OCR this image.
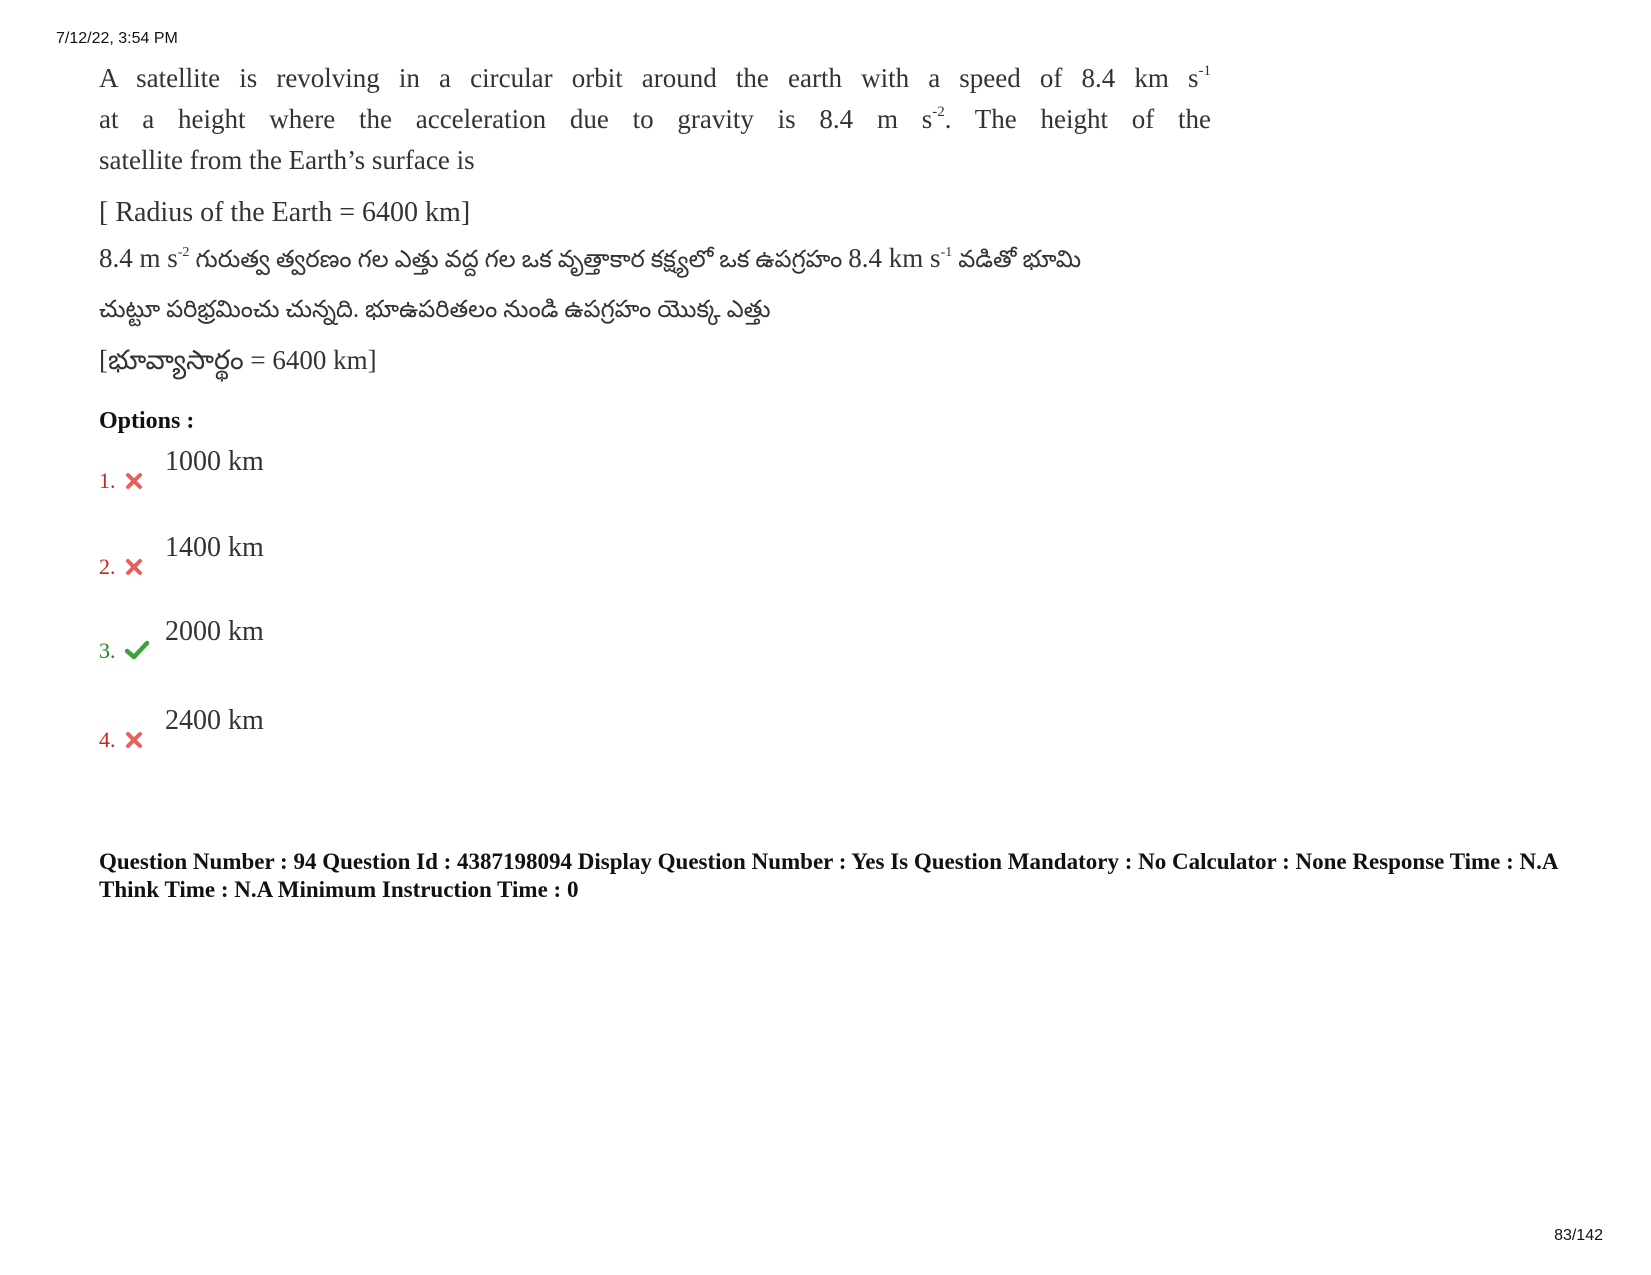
7/12/22, 3:54 PM
A satellite is revolving in a circular orbit around the earth with a speed of 8.4 km $s^{-1}$
at a height where the acceleration due to gravity is 8.4 m $s^{-2}$. The height of the
satellite from the Earth’s surface is
[ Radius of the Earth = 6400 km]
8.4 m $s^{-2}$ గురుత్వ త్వరణం గల ఎత్తు వద్ద గల ఒక వృత్తాకార కక్ష్యలో ఒక ఉపగ్రహం 8.4 km $s^{-1}$ వడితో భూమి
చుట్టూ పరిభ్రమించు చున్నది. భూఉపరితలం నుండి ఉపగ్రహం యొక్క ఎత్తు
[భూవ్యాసార్థం = 6400 km]
Options :
1.
1000 km
2.
1400 km
3.
2000 km
4.
2400 km
Question Number : 94 Question Id : 4387198094 Display Question Number : Yes Is Question Mandatory : No Calculator : None Response Time : N.A Think Time : N.A Minimum Instruction Time : 0
83/142
